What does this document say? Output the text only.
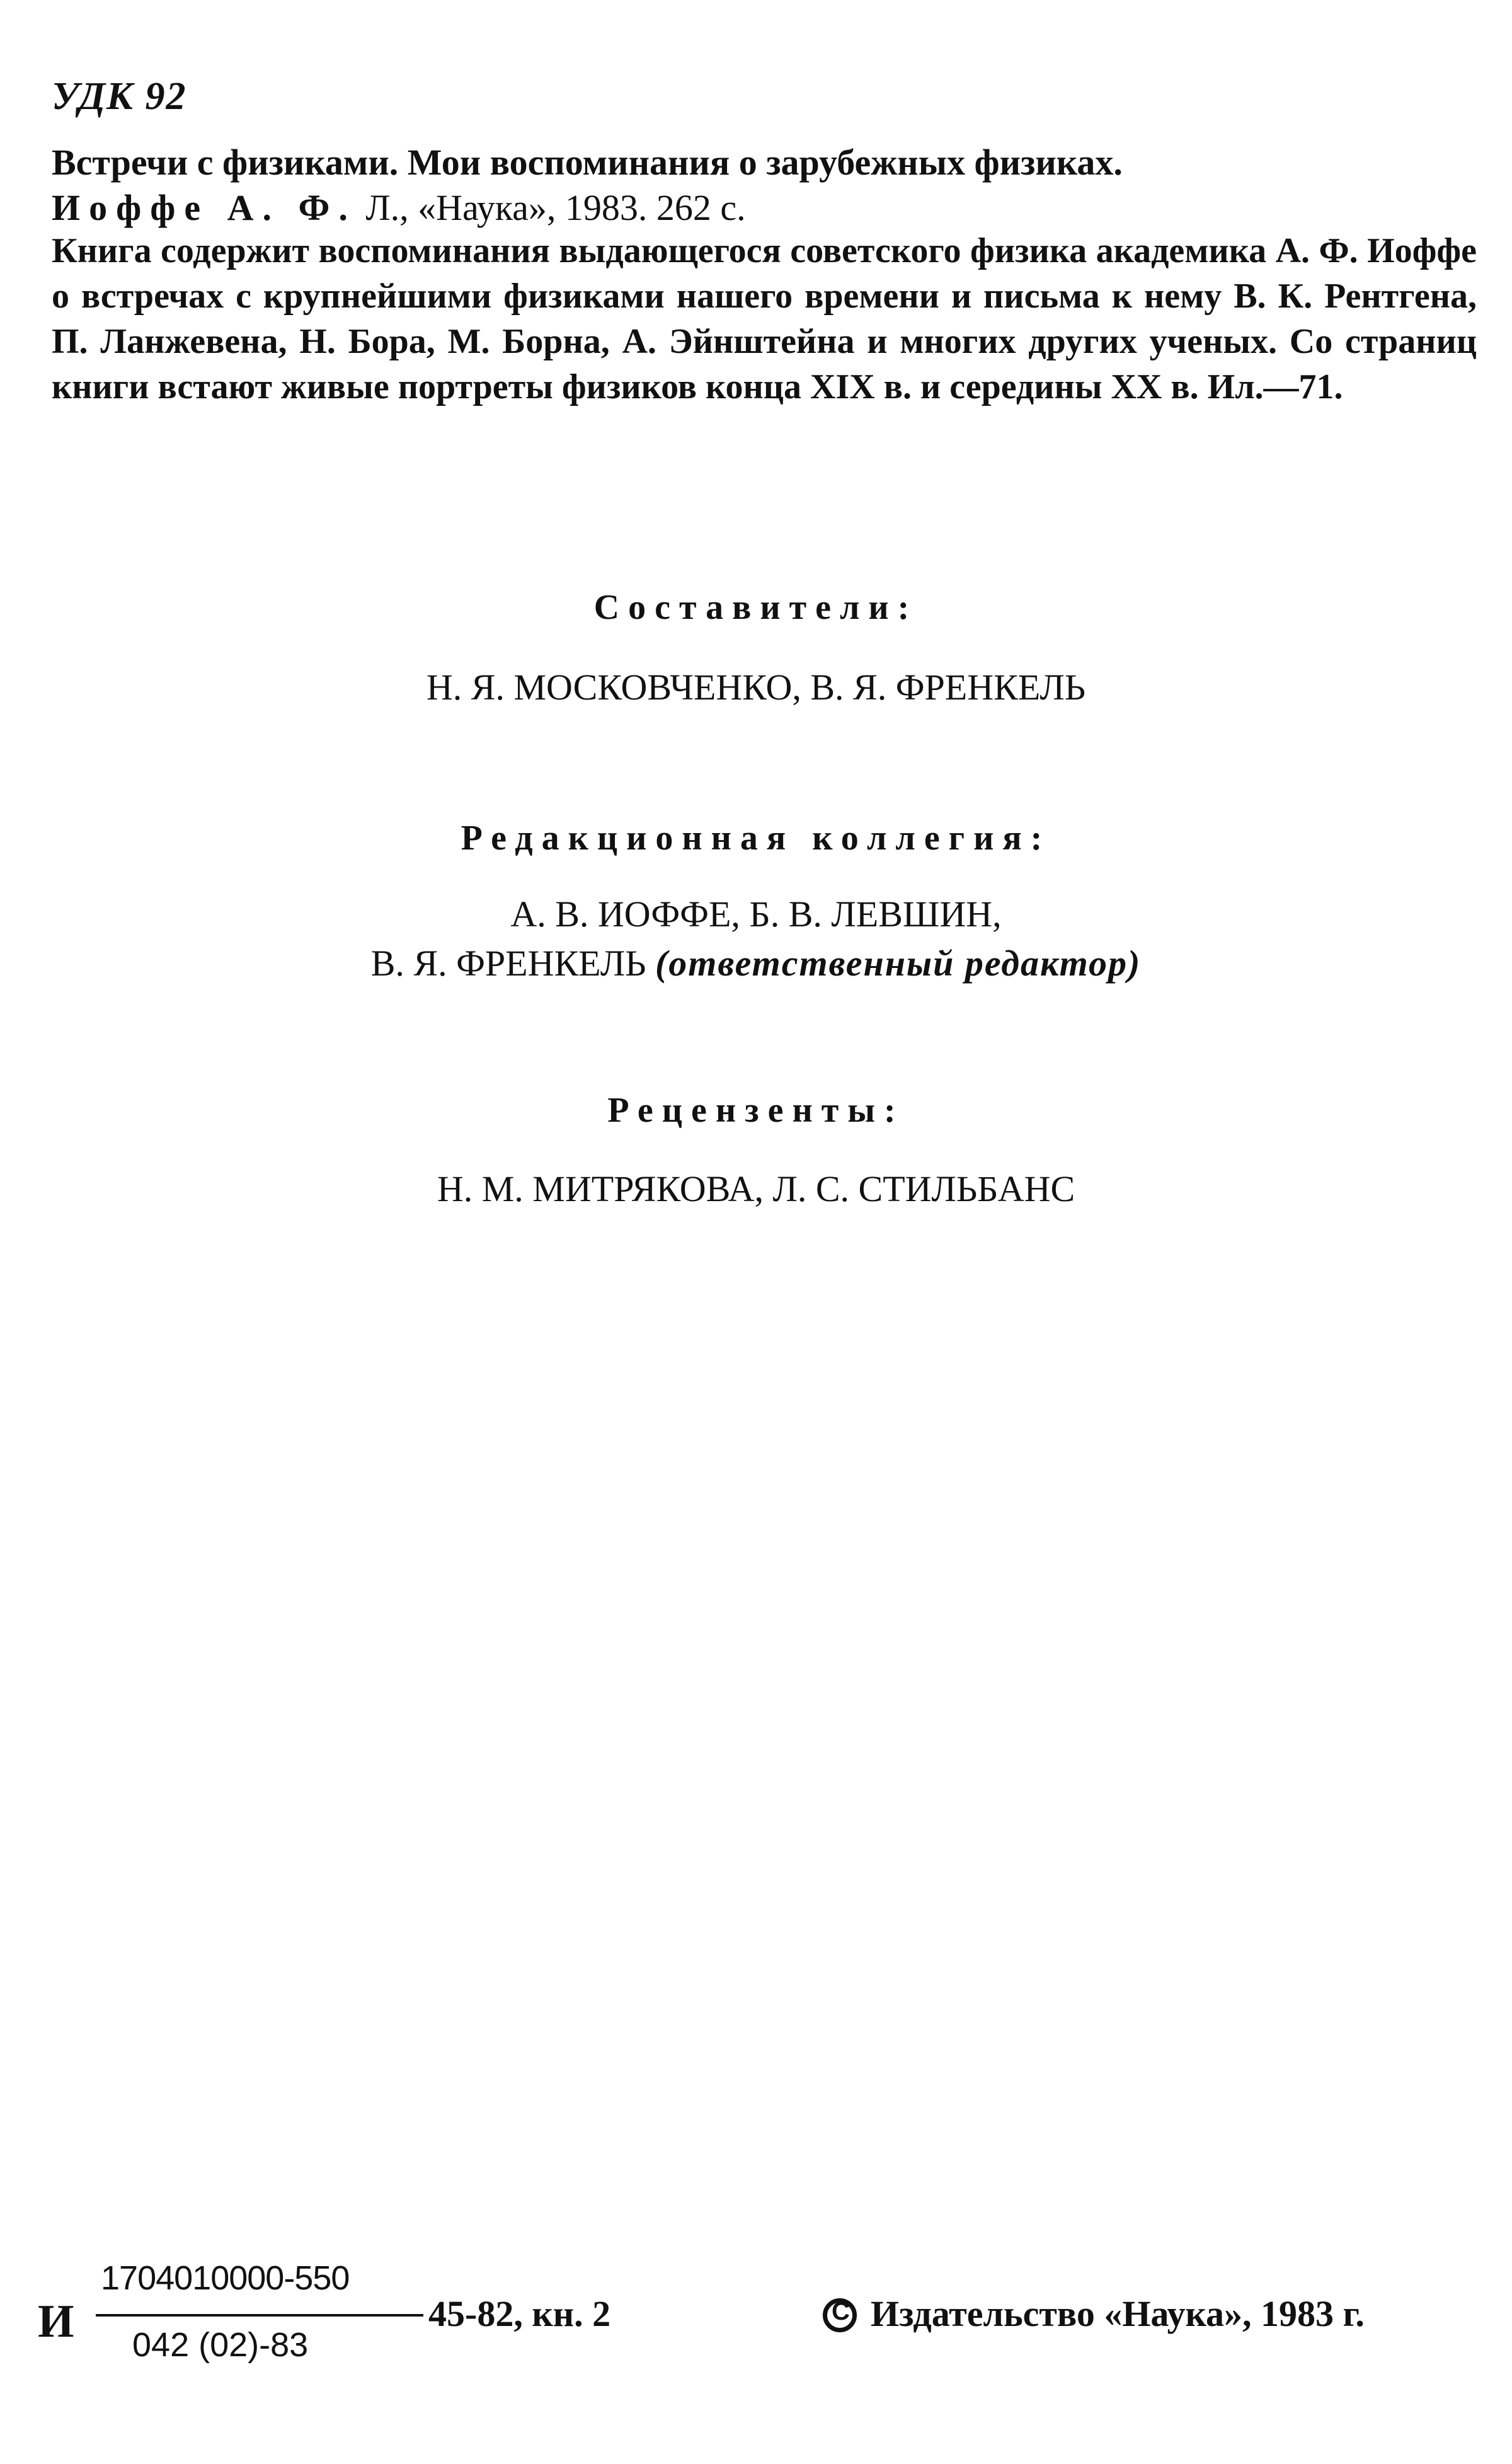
УДК 92
Встречи с физиками. Мои воспоминания о зарубежных физиках.
Иоффе А. Ф. Л., «Наука», 1983. 262 с.
Книга содержит воспоминания выдающегося советского физика академика А. Ф. Иоффе о встречах с крупнейшими физиками нашего времени и письма к нему В. К. Рентгена, П. Ланжевена, Н. Бора, М. Борна, А. Эйнштейна и многих других ученых. Со страниц книги встают живые портреты физиков конца XIX в. и середины XX в. Ил.—71.
Составители:
Н. Я. МОСКОВЧЕНКО, В. Я. ФРЕНКЕЛЬ
Редакционная коллегия:
А. В. ИОФФЕ, Б. В. ЛЕВШИН,
В. Я. ФРЕНКЕЛЬ (ответственный редактор)
Рецензенты:
Н. М. МИТРЯКОВА, Л. С. СТИЛЬБАНС
И
1704010000-550
042 (02)-83
45-82, кн. 2
C	Издательство «Наука», 1983 г.
